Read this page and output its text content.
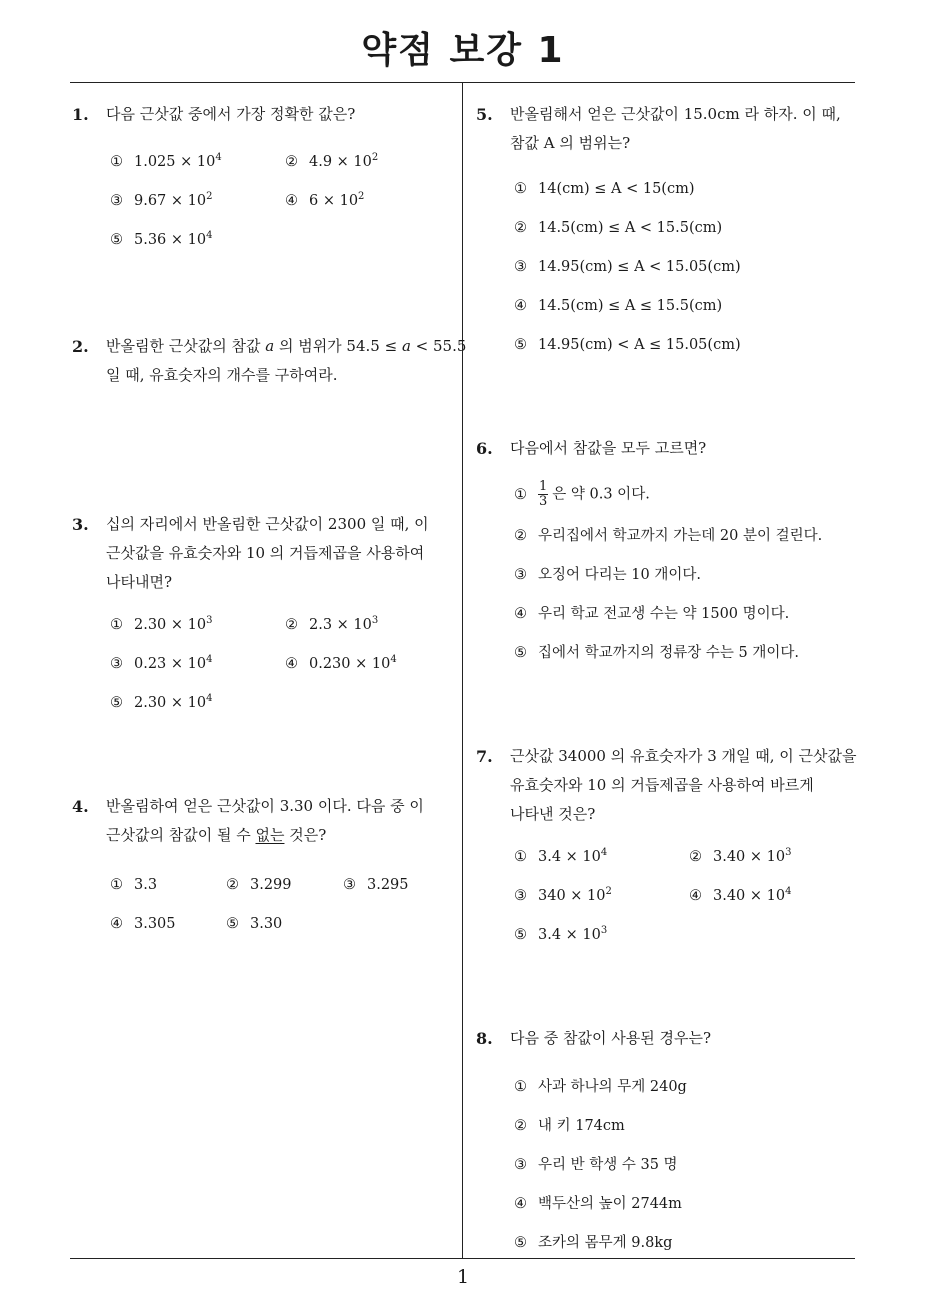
약점 보강 1
1
1. 다음 근삿값 중에서 가장 정확한 값은?
① $1.025 \times 10^4$	② $4.9 \times 10^2$
③ $9.67 \times 10^2$	④ $6 \times 10^2$
⑤ $5.36 \times 10^4$
2. 반올림한 근삿값의 참값 a 의 범위가 54.5 ≤ a < 55.5
일 때, 유효숫자의 개수를 구하여라.
3. 십의 자리에서 반올림한 근삿값이 2300 일 때, 이
근삿값을 유효숫자와 10 의 거듭제곱을 사용하여
나타내면?
① $2.30 \times 10^3$	② $2.3 \times 10^3$
③ $0.23 \times 10^4$	④ $0.230 \times 10^4$
⑤ $2.30 \times 10^4$
4. 반올림하여 얻은 근삿값이 3.30 이다. 다음 중 이
근삿값의 참값이 될 수 없는 것은?
① 3.3	② 3.299	③ 3.295
④ 3.305	⑤ 3.30
5. 반올림해서 얻은 근삿값이 15.0cm 라 하자. 이 때,
참값 A 의 범위는?
① 14(cm) ≤ A < 15(cm)
② 14.5(cm) ≤ A < 15.5(cm)
③ 14.95(cm) ≤ A < 15.05(cm)
④ 14.5(cm) ≤ A ≤ 15.5(cm)
⑤ 14.95(cm) < A ≤ 15.05(cm)
6. 다음에서 참값을 모두 고르면?
① $\frac{1}{3}$ 은 약 0.3 이다.
② 우리집에서 학교까지 가는데 20 분이 걸린다.
③ 오징어 다리는 10 개이다.
④ 우리 학교 전교생 수는 약 1500 명이다.
⑤ 집에서 학교까지의 정류장 수는 5 개이다.
7. 근삿값 34000 의 유효숫자가 3 개일 때, 이 근삿값을
유효숫자와 10 의 거듭제곱을 사용하여 바르게
나타낸 것은?
① $3.4 \times 10^4$	② $3.40 \times 10^3$
③ $340 \times 10^2$	④ $3.40 \times 10^4$
⑤ $3.4 \times 10^3$
8. 다음 중 참값이 사용된 경우는?
① 사과 하나의 무게 240g
② 내 키 174cm
③ 우리 반 학생 수 35 명
④ 백두산의 높이 2744m
⑤ 조카의 몸무게 9.8kg
